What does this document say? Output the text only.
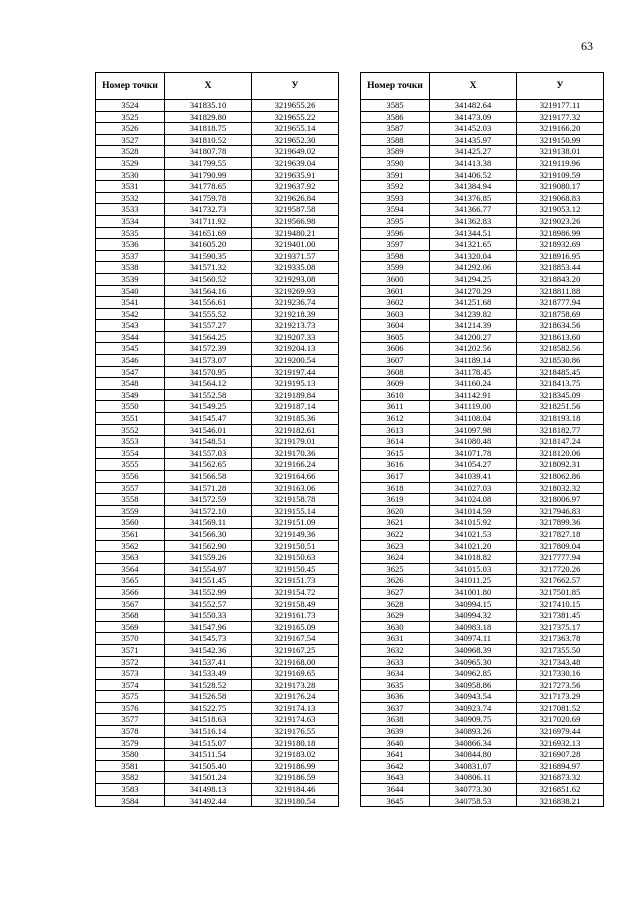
63
Номер точки	Х	У
3524	341835.10	3219655.26
3525	341829.80	3219655.22
3526	341818.75	3219655.14
3527	341810.52	3219652.30
3528	341807.78	3219649.02
3529	341799.55	3219639.04
3530	341790.99	3219635.91
3531	341778.65	3219637.92
3532	341759.78	3219626.84
3533	341732.73	3219587.58
3534	341711.92	3219566.98
3535	341651.69	3219480.21
3536	341605.20	3219401.00
3537	341590.35	3219371.57
3538	341571.32	3219335.08
3539	341560.52	3219293.08
3540	341564.16	3219269.93
3541	341556.61	3219236.74
3542	341555.52	3219218.39
3543	341557.27	3219213.73
3544	341564.25	3219207.33
3545	341572.39	3219204.13
3546	341573.07	3219200.54
3547	341570.95	3219197.44
3548	341564.12	3219195.13
3549	341552.58	3219189.84
3550	341549.25	3219187.14
3551	341545.47	3219185.36
3552	341546.01	3219182.61
3553	341548.51	3219179.01
3554	341557.03	3219170.36
3555	341562.65	3219166.24
3556	341566.58	3219164.66
3557	341571.28	3219163.06
3558	341572.59	3219158.78
3559	341572.10	3219155.14
3560	341569.11	3219151.09
3561	341566.30	3219149.36
3562	341562.90	3219150.51
3563	341559.26	3219150.63
3564	341554.97	3219150.45
3565	341551.45	3219151.73
3566	341552.99	3219154.72
3567	341552.57	3219158.49
3568	341550.33	3219161.73
3569	341547.96	3219165.09
3570	341545.73	3219167.54
3571	341542.36	3219167.25
3572	341537.41	3219168.00
3573	341533.49	3219169.65
3574	341528.52	3219173.28
3575	341526.58	3219176.24
3576	341522.75	3219174.13
3577	341518.63	3219174.63
3578	341516.14	3219176.55
3579	341515.07	3219180.18
3580	341511.54	3219183.02
3581	341505.40	3219186.99
3582	341501.24	3219186.59
3583	341498.13	3219184.46
3584	341492.44	3219180.54
Номер точки	Х	У
3585	341482.64	3219177.11
3586	341473.09	3219177.32
3587	341452.03	3219166.20
3588	341435.97	3219150.99
3589	341425.27	3219138.01
3590	341413.38	3219119.96
3591	341406.52	3219109.59
3592	341384.94	3219080.17
3593	341376.85	3219068.83
3594	341366.77	3219053.12
3595	341362.83	3219023.26
3596	341344.51	3218986.99
3597	341321.65	3218932.69
3598	341320.04	3218916.95
3599	341292.06	3218853.44
3600	341294.25	3218843.20
3601	341270.29	3218811.88
3602	341251.68	3218777.94
3603	341239.82	3218758.69
3604	341214.39	3218634.56
3605	341200.27	3218613.60
3606	341202.56	3218582.56
3607	341189.14	3218530.86
3608	341178.45	3218485.45
3609	341160.24	3218413.75
3610	341142.91	3218345.09
3611	341119.00	3218251.56
3612	341108.04	3218193.18
3613	341097.98	3218182.77
3614	341080.48	3218147.24
3615	341071.78	3218120.06
3616	341054.27	3218092.31
3617	341039.41	3218062.86
3618	341027.03	3218032.32
3619	341024.08	3218006.97
3620	341014.59	3217946.83
3621	341015.92	3217899.36
3622	341021.53	3217827.18
3623	341021.20	3217809.04
3624	341018.82	3217777.94
3625	341015.03	3217720.26
3626	341011.25	3217662.57
3627	341001.80	3217501.85
3628	340994.15	3217410.15
3629	340994.32	3217381.45
3630	340983.18	3217375.17
3631	340974.11	3217363.78
3632	340968.39	3217355.50
3633	340965.30	3217343.48
3634	340962.85	3217330.16
3635	340958.86	3217273.56
3636	340943.54	3217173.29
3637	340923.74	3217081.52
3638	340909.75	3217020.69
3639	340893.26	3216979.44
3640	340866.34	3216932.13
3641	340844.80	3216907.28
3642	340831.07	3216894.97
3643	340806.11	3216873.32
3644	340773.30	3216851.62
3645	340758.53	3216838.21
